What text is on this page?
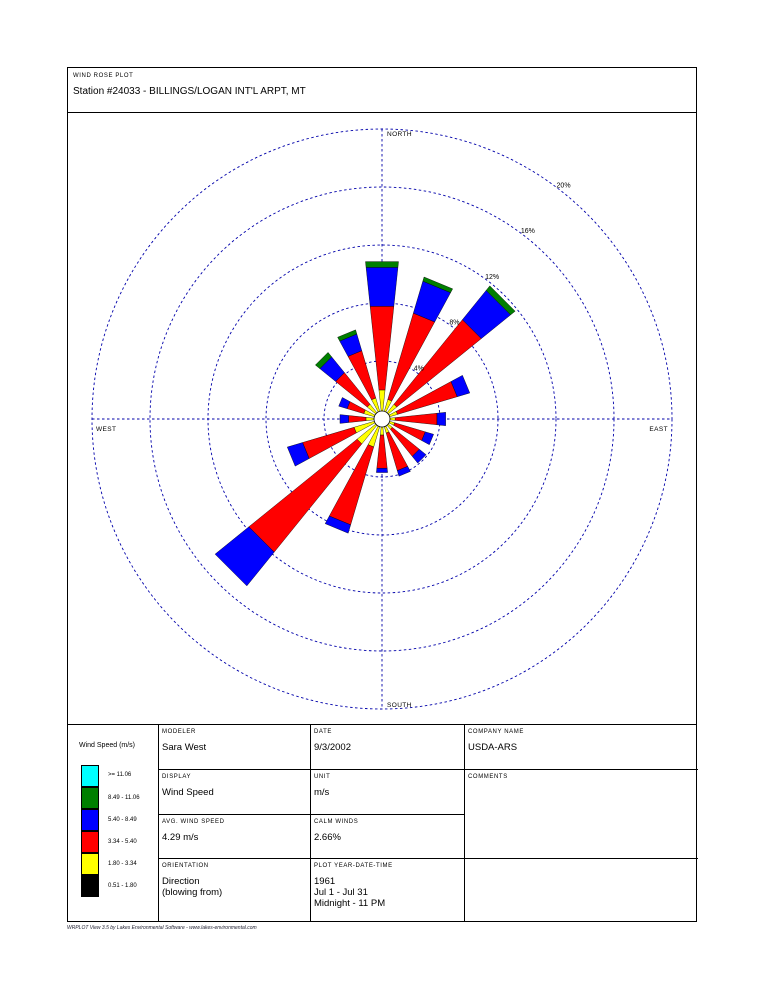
WIND ROSE PLOT
Station #24033 - BILLINGS/LOGAN INT'L ARPT, MT
4%
8%
12%
16%
20%
NORTH
SOUTH
WEST	EAST
Wind Speed (m/s)
>= 11.06
8.49 - 11.06
5.40 - 8.49
3.34 - 5.40
1.80 - 3.34
0.51 - 1.80
MODELER
Sara West
DATE
9/3/2002
COMPANY NAME
USDA-ARS
DISPLAY
Wind Speed
UNIT
m/s
COMMENTS
AVG. WIND SPEED
4.29 m/s
CALM WINDS
2.66%
ORIENTATION
Direction
(blowing from)
PLOT YEAR-DATE-TIME
1961
Jul 1 - Jul 31
Midnight - 11 PM
WRPLOT View 3.5 by Lakes Environmental Software - www.lakes-environmental.com
